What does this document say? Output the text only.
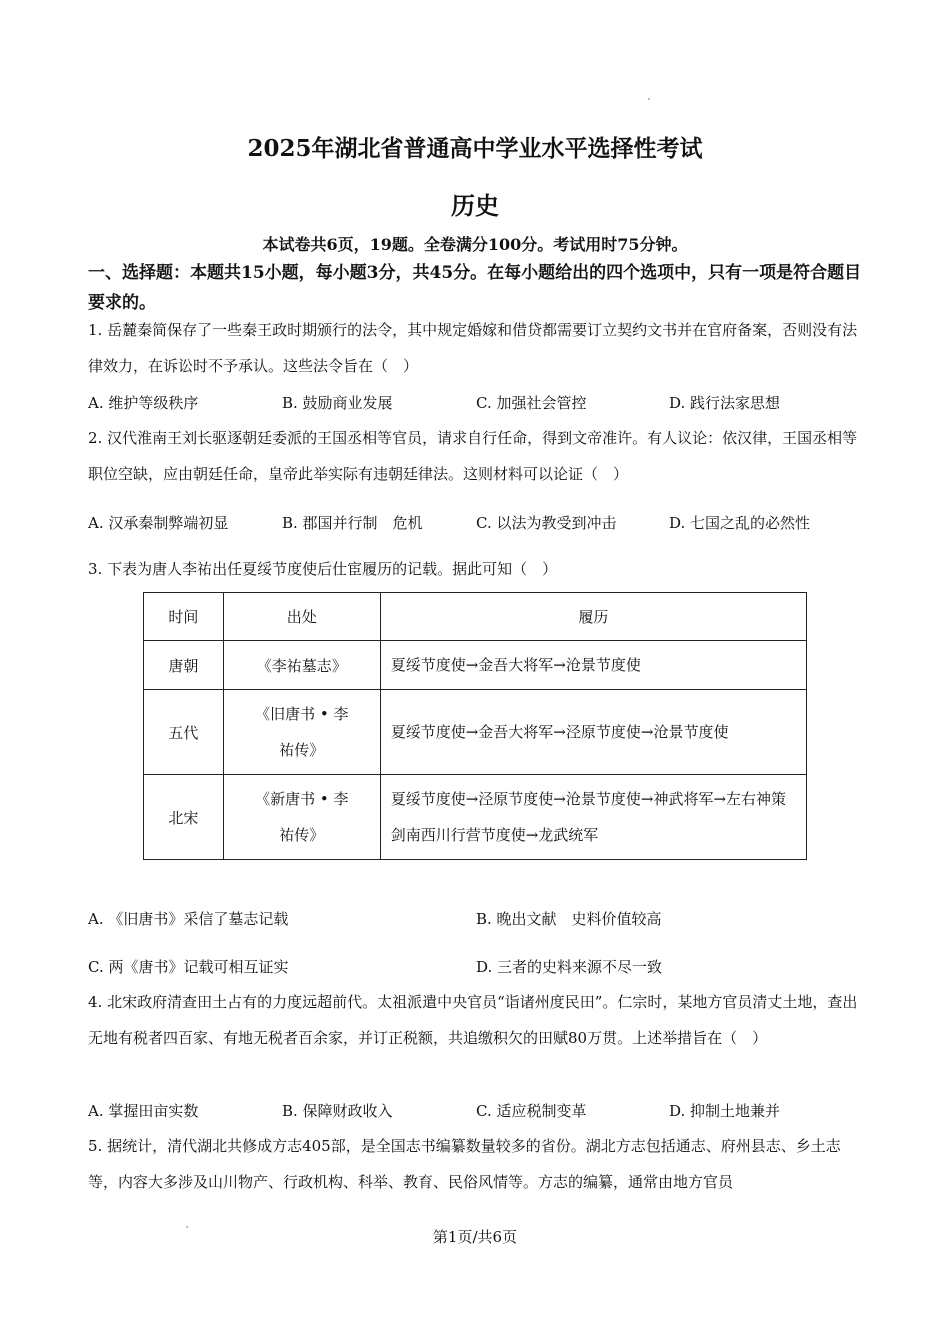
2025年湖北省普通高中学业水平选择性考试
历史
本试卷共6页，19题。全卷满分100分。考试用时75分钟。
一、选择题：本题共15小题，每小题3分，共45分。在每小题给出的四个选项中，只有一项是符合题目要求的。
1. 岳麓秦简保存了一些秦王政时期颁行的法令，其中规定婚嫁和借贷都需要订立契约文书并在官府备案，否则没有法律效力，在诉讼时不予承认。这些法令旨在（　）
A. 维护等级秩序	B. 鼓励商业发展	C. 加强社会管控	D. 践行法家思想
2. 汉代淮南王刘长驱逐朝廷委派的王国丞相等官员，请求自行任命，得到文帝准许。有人议论：依汉律，王国丞相等职位空缺，应由朝廷任命，皇帝此举实际有违朝廷律法。这则材料可以论证（　）
A. 汉承秦制弊端初显	B. 郡国并行制　危机	C. 以法为教受到冲击	D. 七国之乱的必然性
3. 下表为唐人李祐出任夏绥节度使后仕宦履历的记载。据此可知（　）
时间	出处	履历
唐朝	《李祐墓志》	夏绥节度使→金吾大将军→沧景节度使
五代	《旧唐书 • 李祐传》	夏绥节度使→金吾大将军→泾原节度使→沧景节度使
北宋	《新唐书 • 李祐传》	夏绥节度使→泾原节度使→沧景节度使→神武将军→左右神策剑南西川行营节度使→龙武统军
A. 《旧唐书》采信了墓志记载	B. 晚出文献　史料价值较高
C. 两《唐书》记载可相互证实	D. 三者的史料来源不尽一致
4. 北宋政府清查田土占有的力度远超前代。太祖派遣中央官员“诣诸州度民田”。仁宗时，某地方官员清丈土地，查出无地有税者四百家、有地无税者百余家，并订正税额，共追缴积欠的田赋80万贯。上述举措旨在（　）
A. 掌握田亩实数	B. 保障财政收入	C. 适应税制变革	D. 抑制土地兼并
5. 据统计，清代湖北共修成方志405部，是全国志书编纂数量较多的省份。湖北方志包括通志、府州县志、乡土志等，内容大多涉及山川物产、行政机构、科举、教育、民俗风情等。方志的编纂，通常由地方官员
第1页/共6页
